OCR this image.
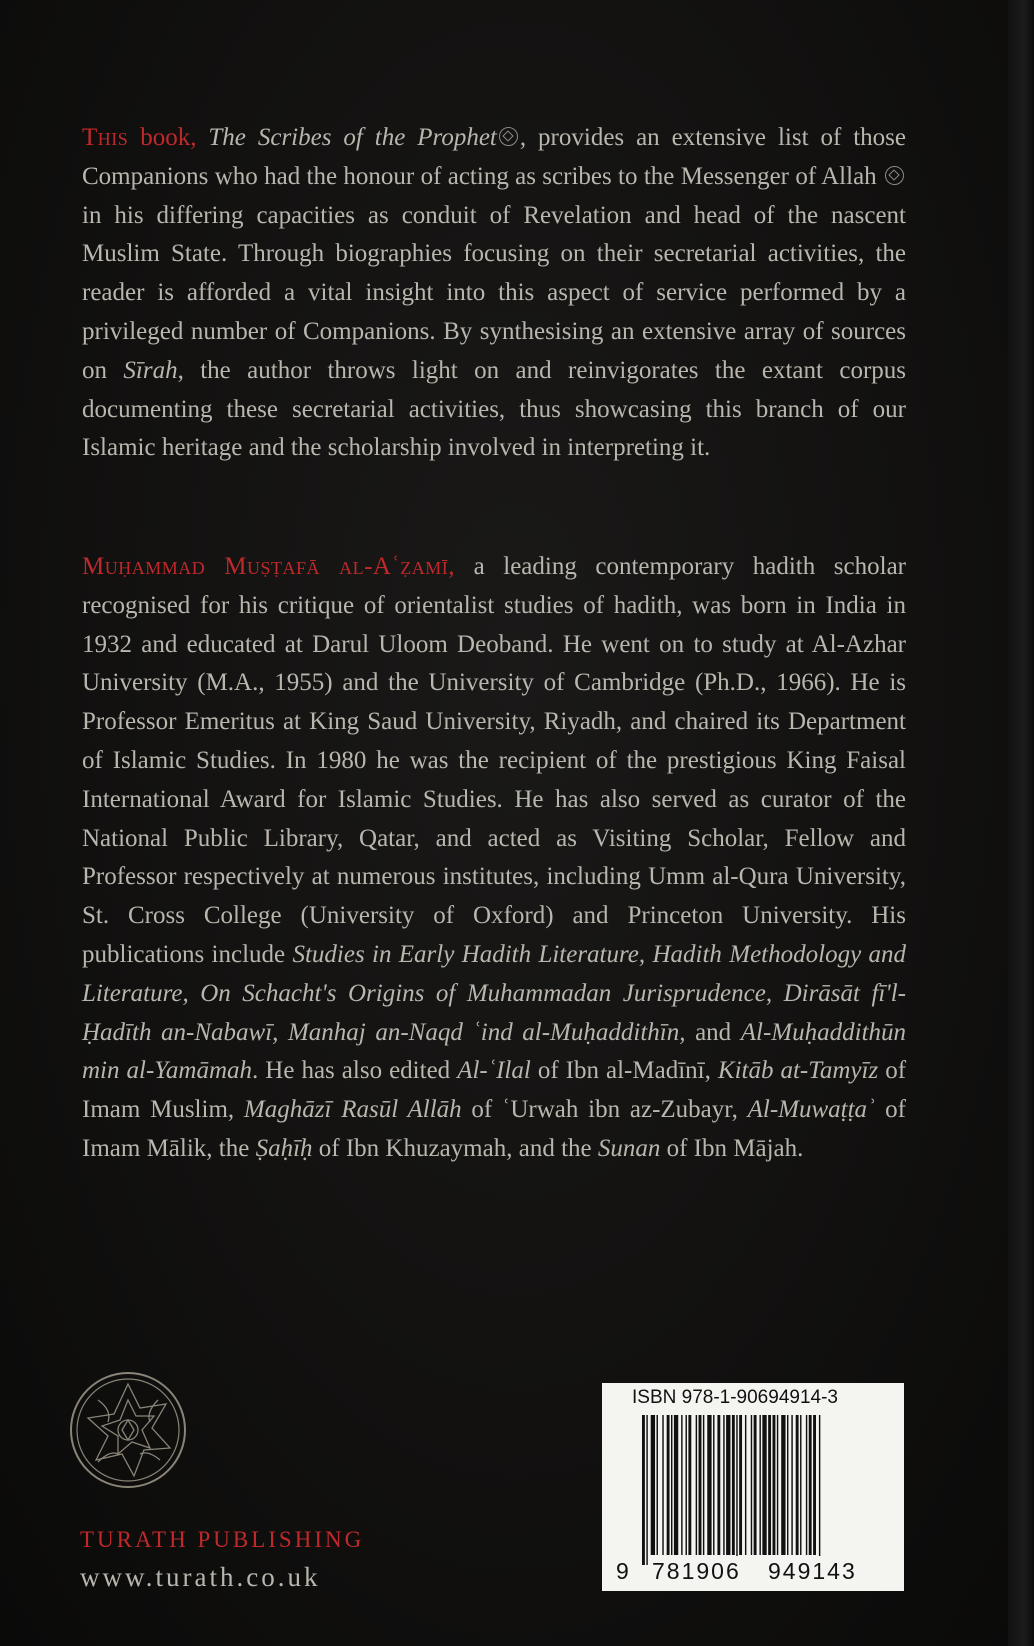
This book, The Scribes of the Prophet , provides an extensive list of those Companions who had the honour of acting as scribes to the Messenger of Allah  in his differing capacities as conduit of Revelation and head of the nascent Muslim State. Through biographies focusing on their secretarial activities, the reader is afforded a vital insight into this aspect of service performed by a privileged number of Companions. By synthesising an extensive array of sources on Sīrah, the author throws light on and reinvigorates the extant corpus documenting these secretarial activities, thus showcasing this branch of our Islamic heritage and the scholarship involved in interpreting it.
Muḥammad Muṣṭafā al-Aʿẓamī, a leading contemporary hadith scholar recognised for his critique of orientalist studies of hadith, was born in India in 1932 and educated at Darul Uloom Deoband. He went on to study at Al-Azhar University (M.A., 1955) and the University of Cambridge (Ph.D., 1966). He is Professor Emeritus at King Saud University, Riyadh, and chaired its Department of Islamic Studies. In 1980 he was the recipient of the prestigious King Faisal International Award for Islamic Studies. He has also served as curator of the National Public Library, Qatar, and acted as Visiting Scholar, Fellow and Professor respectively at numerous institutes, including Umm al-Qura University, St. Cross College (University of Oxford) and Princeton University. His publications include Studies in Early Hadith Literature, Hadith Methodology and Literature, On Schacht's Origins of Muhammadan Jurisprudence, Dirāsāt fī'l-Ḥadīth an-Nabawī, Manhaj an-Naqd ʿind al-Muḥaddithīn, and Al-Muḥaddithūn min al-Yamāmah. He has also edited Al-ʿIlal of Ibn al-Madīnī, Kitāb at-Tamyīz of Imam Muslim, Maghāzī Rasūl Allāh of ʿUrwah ibn az-Zubayr, Al-Muwaṭṭaʾ of Imam Mālik, the Ṣaḥīḥ of Ibn Khuzaymah, and the Sunan of Ibn Mājah.
TURATH PUBLISHING
www.turath.co.uk
ISBN 978-1-90694914-3
9 781906 949143
